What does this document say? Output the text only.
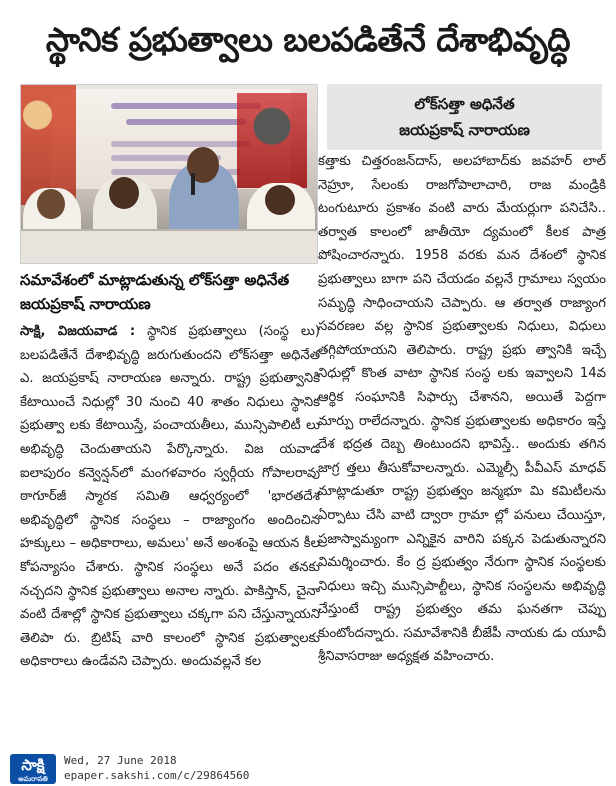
స్థానిక ప్రభుత్వాలు బలపడితేనే దేశాభివృద్ధి
సమావేశంలో మాట్లాడుతున్న లోక్‌సత్తా అధినేత జయప్రకాష్ నారాయణ
సాక్షి, విజయవాడ : స్థానిక ప్రభుత్వాలు (సంస్థ లు) బలపడితేనే దేశాభివృద్ధి జరుగుతుందని లోక్‌సత్తా అధినేత ఎ. జయప్రకాష్ నారాయణ అన్నారు. రాష్ట్ర ప్రభుత్వానికి కేటాయించే నిధుల్లో 30 నుంచి 40 శాతం నిధులు స్థానిక ప్రభుత్వా లకు కేటాయిస్తే, పంచాయతీలు, మున్సిపాలిటీ లు అభివృద్ధి చెందుతాయని పేర్కొన్నారు. విజ యవాడ ఐలాపురం కన్వెన్షన్‌లో మంగళవారం స్వర్గీయ గోపాలరావు ఠాగూర్‌జీ స్మారక సమితి ఆధ్వర్యంలో 'భారతదేశ అభివృద్ధిలో స్థానిక సంస్థలు – రాజ్యాంగం అందించిన హక్కులు – అధికారాలు, అమలు' అనే అంశంపై ఆయన కీల కోపన్యాసం చేశారు. స్థానిక సంస్థలు అనే పదం తనకు నచ్చదని స్థానిక ప్రభుత్వాలు అనాల న్నారు. పాకిస్తాన్, చైనా వంటి దేశాల్లో స్థానిక ప్రభుత్వాలు చక్కగా పని చేస్తున్నాయని తెలిపా రు. బ్రిటిష్ వారి కాలంలో స్థానిక ప్రభుత్వాలకు అధికారాలు ఉండేవని చెప్పారు. అందువల్లనే కల
లోక్‌సత్తా అధినేత
జయప్రకాష్ నారాయణ
కత్తాకు చిత్తరంజన్‌దాస్, అలహాబాద్‌కు జవహర్ లాల్ నెహ్రూ, సేలంకు రాజగోపాలాచారి, రాజ మండ్రికి టంగుటూరు ప్రకాశం వంటి వారు మేయర్లుగా పనిచేసి.. తర్వాత కాలంలో జాతీయో ద్యమంలో కీలక పాత్ర పోషించారన్నారు. 1958 వరకు మన దేశంలో స్థానిక ప్రభుత్వాలు బాగా పని చేయడం వల్లనే గ్రామాలు స్వయం సమృద్ధి సాధించాయని చెప్పారు. ఆ తర్వాత రాజ్యాంగ సవరణల వల్ల స్థానిక ప్రభుత్వాలకు నిధులు, విధులు తగ్గిపోయాయని తెలిపారు. రాష్ట్ర ప్రభు త్వానికి ఇచ్చే నిధుల్లో కొంత వాటా స్థానిక సంస్థ లకు ఇవ్వాలని 14వ ఆర్థిక సంఘానికి సిఫార్సు చేశానని, అయితే పెద్దగా మార్పు రాలేదన్నారు. స్థానిక ప్రభుత్వాలకు అధికారం ఇస్తే దేశ భద్రత దెబ్బ తింటుందని భావిస్తే.. అందుకు తగిన జాగ్ర త్తలు తీసుకోవాలన్నారు. ఎమ్మెల్సీ పీవీఎస్ మాధవ్ మాట్లాడుతూ రాష్ట్ర ప్రభుత్వం జన్మభూ మి కమిటీలను ఏర్పాటు చేసి వాటి ద్వారా గ్రామా ల్లో పనులు చేయిస్తూ, ప్రజాస్వామ్యంగా ఎన్నికైన వారిని పక్కన పెడుతున్నారని విమర్శించారు. కేం ద్ర ప్రభుత్వం నేరుగా స్థానిక సంస్థలకు నిధులు ఇచ్చి మున్సిపాల్టీలు, స్థానిక సంస్థలను అభివృద్ధి చేస్తుంటే రాష్ట్ర ప్రభుత్వం తమ ఘనతగా చెప్పు కుంటోందన్నారు. సమావేశానికి బీజేపీ నాయకు డు యూవీ శ్రీనివాసరాజు అధ్యక్షత వహించారు.
సాక్షి
అమరావతి
Wed, 27 June 2018
epaper.sakshi.com/c/29864560
